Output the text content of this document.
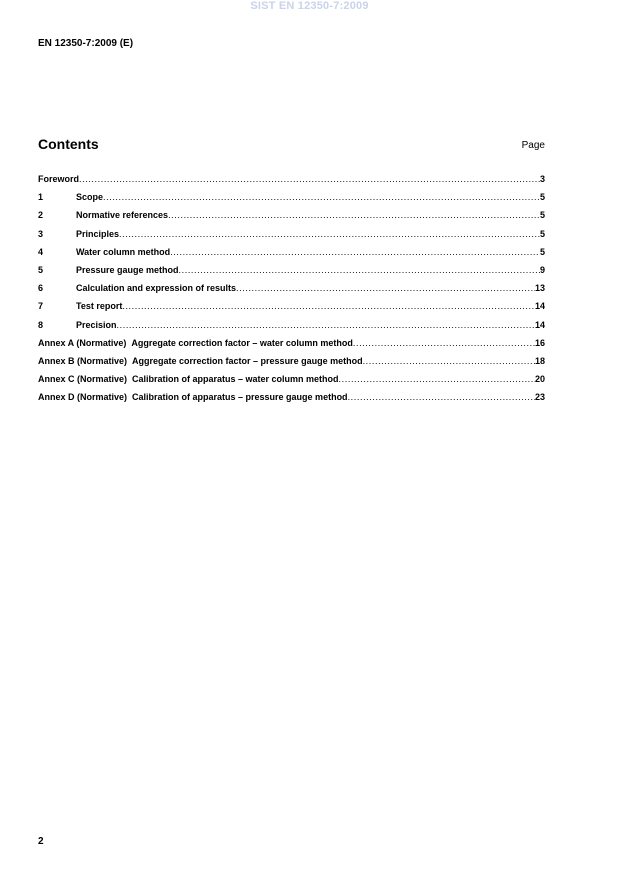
SIST EN 12350-7:2009
EN 12350-7:2009 (E)
Contents	Page
Foreword .....	3
1	Scope .....	5
2	Normative references .....	5
3	Principles .....	5
4	Water column method .....	5
5	Pressure gauge method .....	9
6	Calculation and expression of results .....	13
7	Test report .....	14
8	Precision .....	14
Annex A (Normative) Aggregate correction factor – water column method .....	16
Annex B (Normative) Aggregate correction factor – pressure gauge method .....	18
Annex C (Normative) Calibration of apparatus – water column method .....	20
Annex D (Normative) Calibration of apparatus – pressure gauge method .....	23
2
